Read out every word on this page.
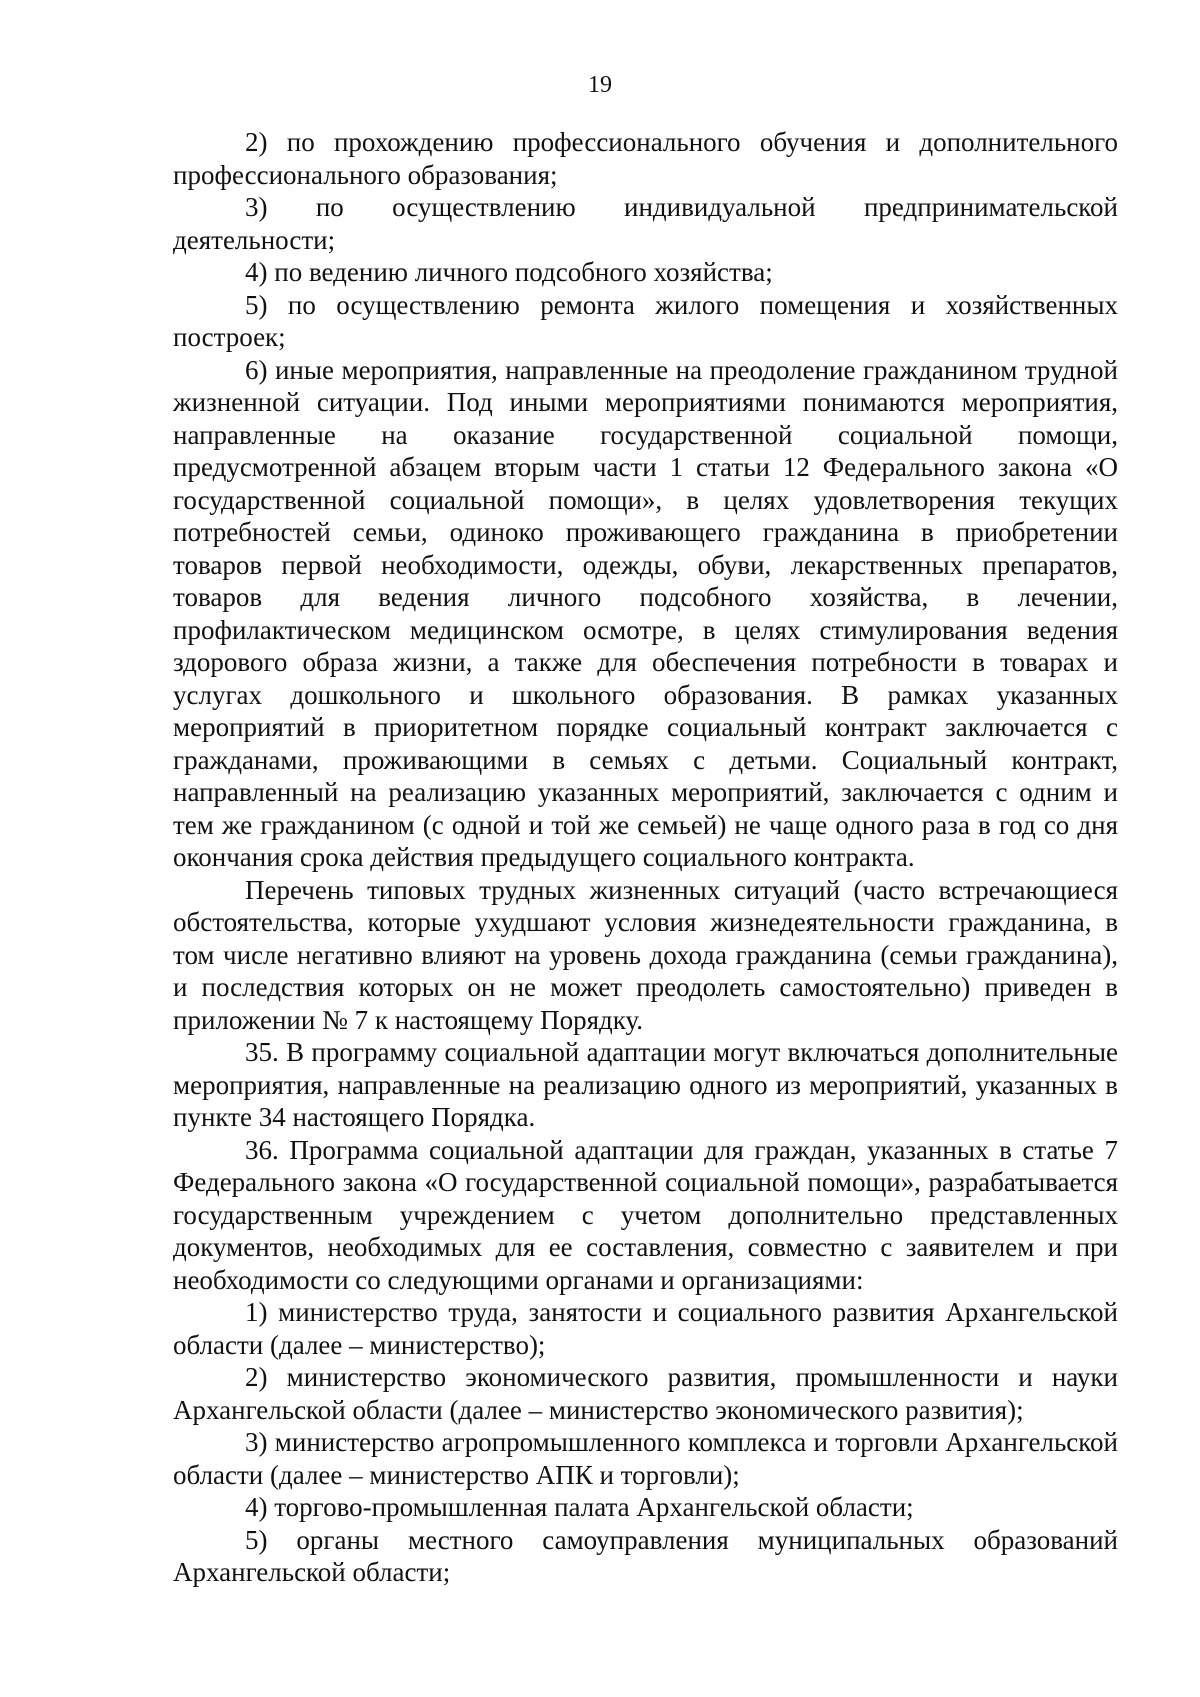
19

2) по прохождению профессионального обучения и дополнительного профессионального образования;

3) по осуществлению индивидуальной предпринимательской деятельности;

4) по ведению личного подсобного хозяйства;

5) по осуществлению ремонта жилого помещения и хозяйственных построек;

6) иные мероприятия, направленные на преодоление гражданином трудной жизненной ситуации. Под иными мероприятиями понимаются мероприятия, направленные на оказание государственной социальной помощи, предусмотренной абзацем вторым части 1 статьи 12 Федерального закона «О государственной социальной помощи», в целях удовлетворения текущих потребностей семьи, одиноко проживающего гражданина в приобретении товаров первой необходимости, одежды, обуви, лекарственных препаратов, товаров для ведения личного подсобного хозяйства, в лечении, профилактическом медицинском осмотре, в целях стимулирования ведения здорового образа жизни, а также для обеспечения потребности в товарах и услугах дошкольного и школьного образования. В рамках указанных мероприятий в приоритетном порядке социальный контракт заключается с гражданами, проживающими в семьях с детьми. Социальный контракт, направленный на реализацию указанных мероприятий, заключается с одним и тем же гражданином (с одной и той же семьей) не чаще одного раза в год со дня окончания срока действия предыдущего социального контракта.

Перечень типовых трудных жизненных ситуаций (часто встречающиеся обстоятельства, которые ухудшают условия жизнедеятельности гражданина, в том числе негативно влияют на уровень дохода гражданина (семьи гражданина), и последствия которых он не может преодолеть самостоятельно) приведен в приложении № 7 к настоящему Порядку.

35. В программу социальной адаптации могут включаться дополнительные мероприятия, направленные на реализацию одного из мероприятий, указанных в пункте 34 настоящего Порядка.

36. Программа социальной адаптации для граждан, указанных в статье 7 Федерального закона «О государственной социальной помощи», разрабатывается государственным учреждением с учетом дополнительно представленных документов, необходимых для ее составления, совместно с заявителем и при необходимости со следующими органами и организациями:

1) министерство труда, занятости и социального развития Архангельской области (далее – министерство);

2) министерство экономического развития, промышленности и науки Архангельской области (далее – министерство экономического развития);

3) министерство агропромышленного комплекса и торговли Архангельской области (далее – министерство АПК и торговли);

4) торгово-промышленная палата Архангельской области;

5) органы местного самоуправления муниципальных образований Архангельской области;
